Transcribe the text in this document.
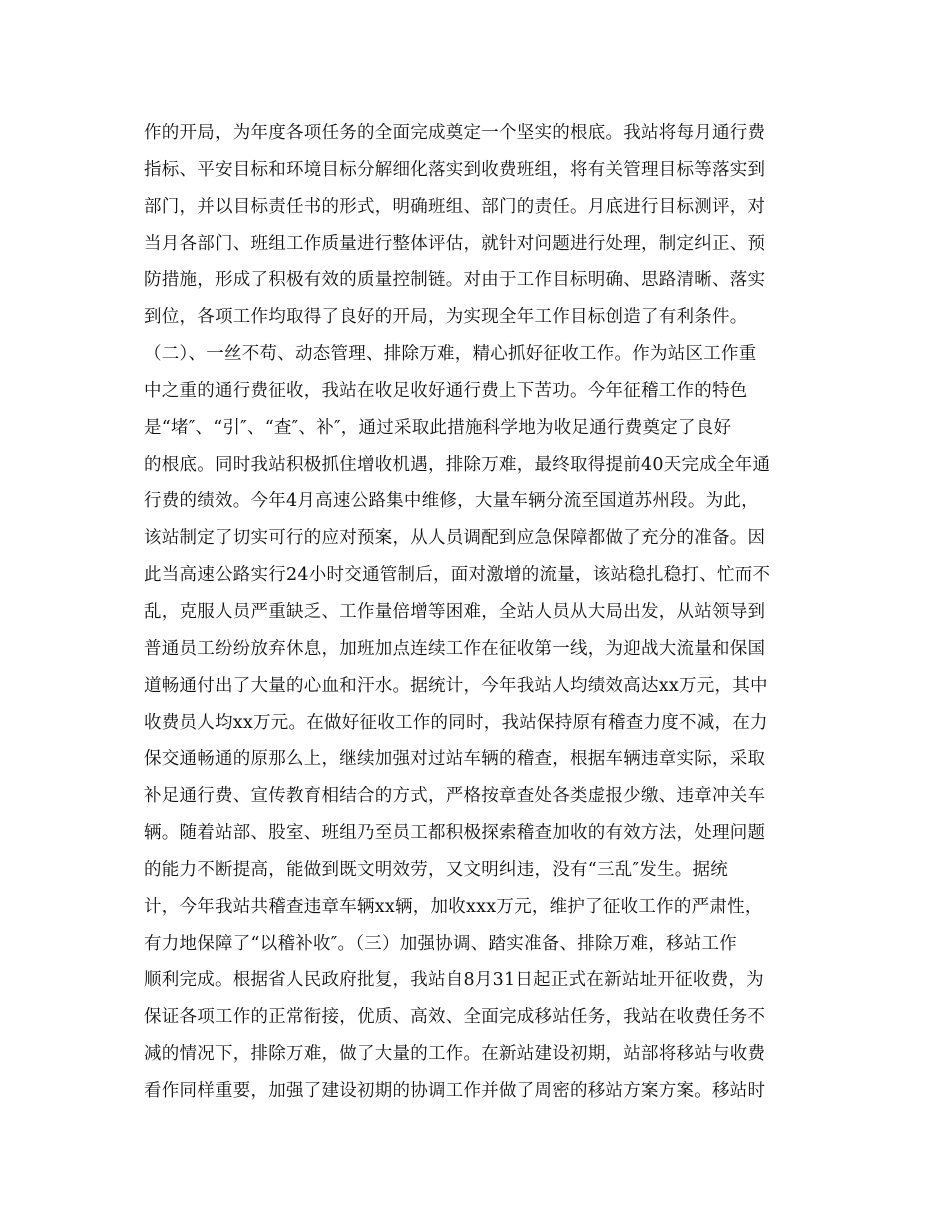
作的开局，为年度各项任务的全面完成奠定一个坚实的根底。我站将每月通行费
指标、平安目标和环境目标分解细化落实到收费班组，将有关管理目标等落实到
部门，并以目标责任书的形式，明确班组、部门的责任。月底进行目标测评，对
当月各部门、班组工作质量进行整体评估，就针对问题进行处理，制定纠正、预
防措施，形成了积极有效的质量控制链。对由于工作目标明确、思路清晰、落实
到位，各项工作均取得了良好的开局，为实现全年工作目标创造了有利条件。
（二）、一丝不苟、动态管理、排除万难，精心抓好征收工作。作为站区工作重
中之重的通行费征收，我站在收足收好通行费上下苦功。今年征稽工作的特色
是“堵″、“引″、“查″、补″，通过采取此措施科学地为收足通行费奠定了良好
的根底。同时我站积极抓住增收机遇，排除万难，最终取得提前40天完成全年通
行费的绩效。今年4月高速公路集中维修，大量车辆分流至国道苏州段。为此，
该站制定了切实可行的应对预案，从人员调配到应急保障都做了充分的准备。因
此当高速公路实行24小时交通管制后，面对激增的流量，该站稳扎稳打、忙而不
乱，克服人员严重缺乏、工作量倍增等困难，全站人员从大局出发，从站领导到
普通员工纷纷放弃休息，加班加点连续工作在征收第一线，为迎战大流量和保国
道畅通付出了大量的心血和汗水。据统计，今年我站人均绩效高达xx万元，其中
收费员人均xx万元。在做好征收工作的同时，我站保持原有稽查力度不减，在力
保交通畅通的原那么上，继续加强对过站车辆的稽查，根据车辆违章实际，采取
补足通行费、宣传教育相结合的方式，严格按章查处各类虚报少缴、违章冲关车
辆。随着站部、股室、班组乃至员工都积极探索稽查加收的有效方法，处理问题
的能力不断提高，能做到既文明效劳，又文明纠违，没有“三乱″发生。据统
计，今年我站共稽查违章车辆xx辆，加收xxx万元，维护了征收工作的严肃性，
有力地保障了“以稽补收″。（三）加强协调、踏实准备、排除万难，移站工作
顺利完成。根据省人民政府批复，我站自8月31日起正式在新站址开征收费，为
保证各项工作的正常衔接，优质、高效、全面完成移站任务，我站在收费任务不
减的情况下，排除万难，做了大量的工作。在新站建设初期，站部将移站与收费
看作同样重要，加强了建设初期的协调工作并做了周密的移站方案方案。移站时
